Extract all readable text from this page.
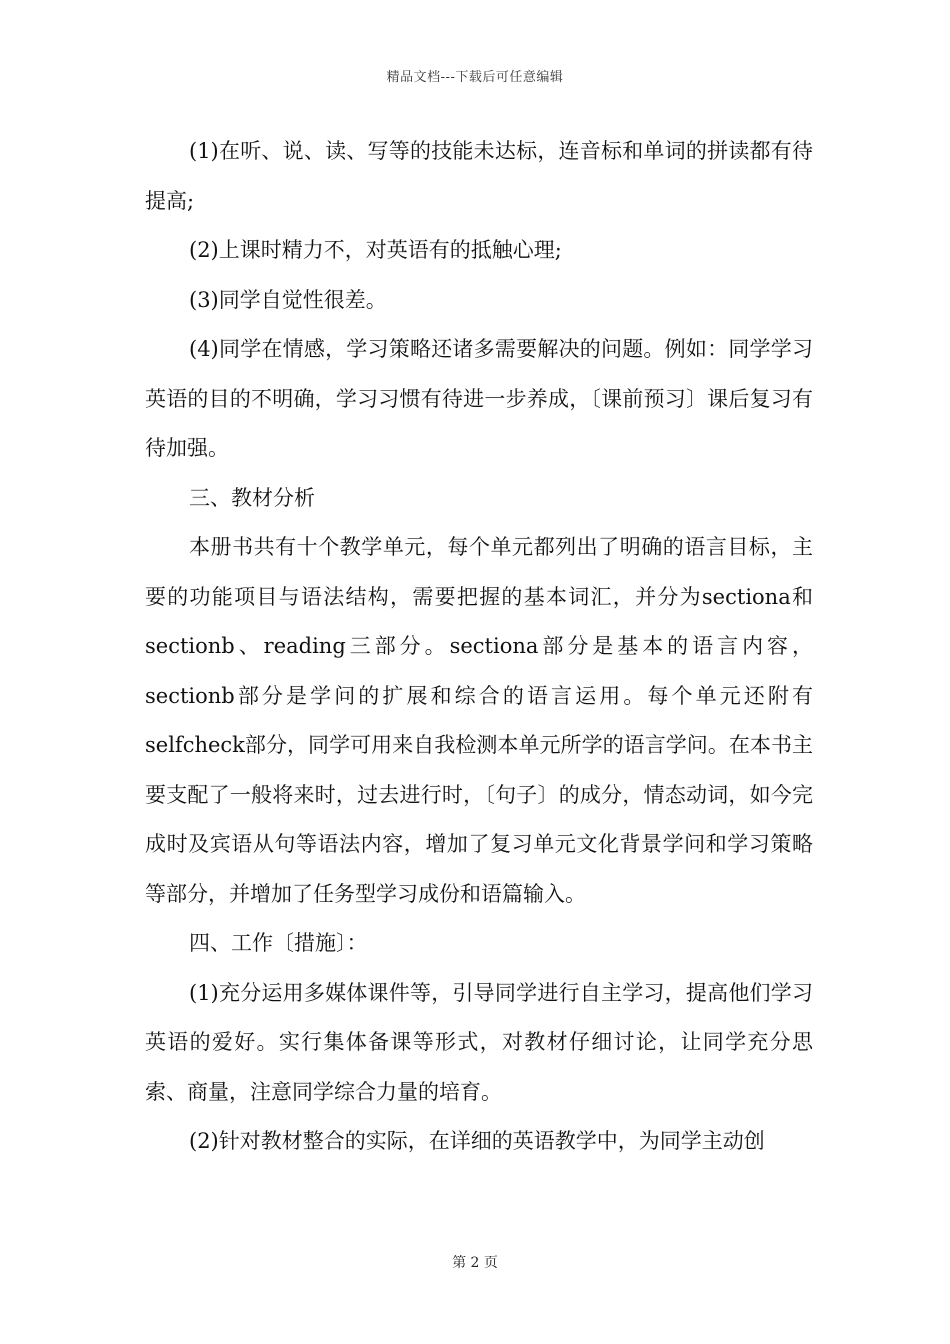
精品文档---下载后可任意编辑

(1)在听、说、读、写等的技能未达标，连音标和单词的拼读都有待提高;

(2)上课时精力不，对英语有的抵触心理;

(3)同学自觉性很差。

(4)同学在情感，学习策略还诸多需要解决的问题。例如：同学学习英语的目的不明确，学习习惯有待进一步养成，〔课前预习〕课后复习有待加强。

三、教材分析

本册书共有十个教学单元，每个单元都列出了明确的语言目标，主要的功能项目与语法结构，需要把握的基本词汇，并分为sectiona和sectionb、reading三部分。sectiona部分是基本的语言内容，sectionb部分是学问的扩展和综合的语言运用。每个单元还附有selfcheck部分，同学可用来自我检测本单元所学的语言学问。在本书主要支配了一般将来时，过去进行时，〔句子〕的成分，情态动词，如今完成时及宾语从句等语法内容，增加了复习单元文化背景学问和学习策略等部分，并增加了任务型学习成份和语篇输入。

四、工作〔措施〕：

(1)充分运用多媒体课件等，引导同学进行自主学习，提高他们学习英语的爱好。实行集体备课等形式，对教材仔细讨论，让同学充分思索、商量，注意同学综合力量的培育。

(2)针对教材整合的实际，在详细的英语教学中，为同学主动创

第 2 页
